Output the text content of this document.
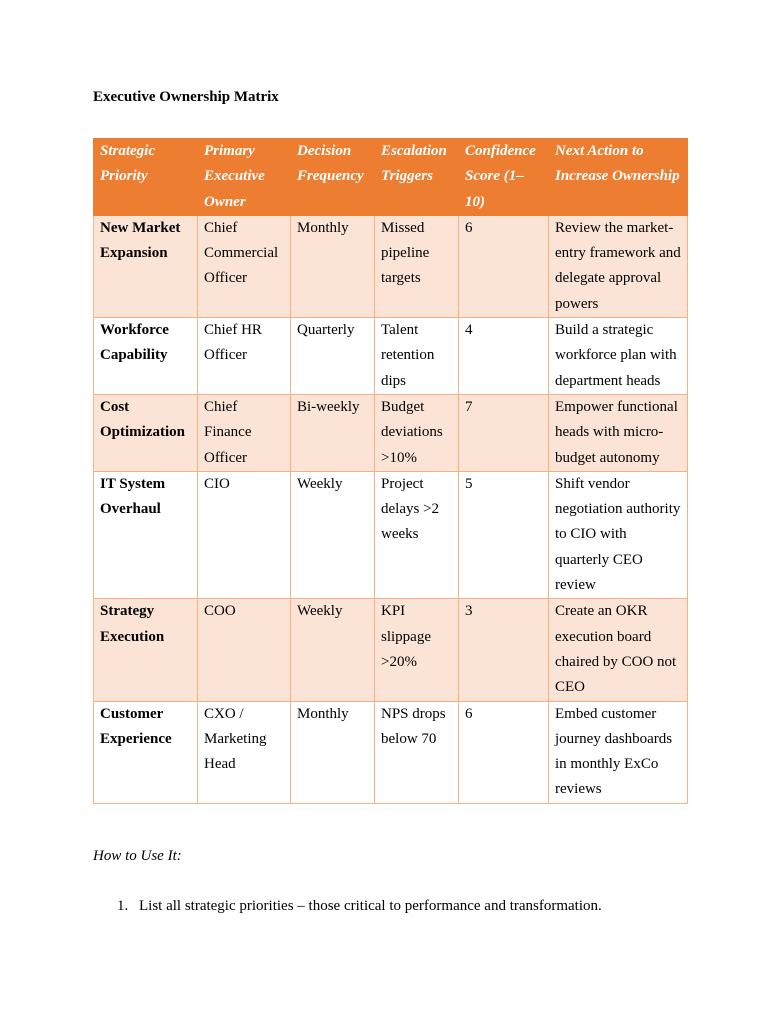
Executive Ownership Matrix
Strategic Priority	Primary Executive Owner	Decision Frequency	Escalation Triggers	Confidence Score (1–10)	Next Action to Increase Ownership
New Market Expansion	Chief Commercial Officer	Monthly	Missed pipeline targets	6	Review the market-entry framework and delegate approval powers
Workforce Capability	Chief HR Officer	Quarterly	Talent retention dips	4	Build a strategic workforce plan with department heads
Cost Optimization	Chief Finance Officer	Bi-weekly	Budget deviations >10%	7	Empower functional heads with micro-budget autonomy
IT System Overhaul	CIO	Weekly	Project delays >2 weeks	5	Shift vendor negotiation authority to CIO with quarterly CEO review
Strategy Execution	COO	Weekly	KPI slippage >20%	3	Create an OKR execution board chaired by COO not CEO
Customer Experience	CXO / Marketing Head	Monthly	NPS drops below 70	6	Embed customer journey dashboards in monthly ExCo reviews
How to Use It:
1. List all strategic priorities – those critical to performance and transformation.
